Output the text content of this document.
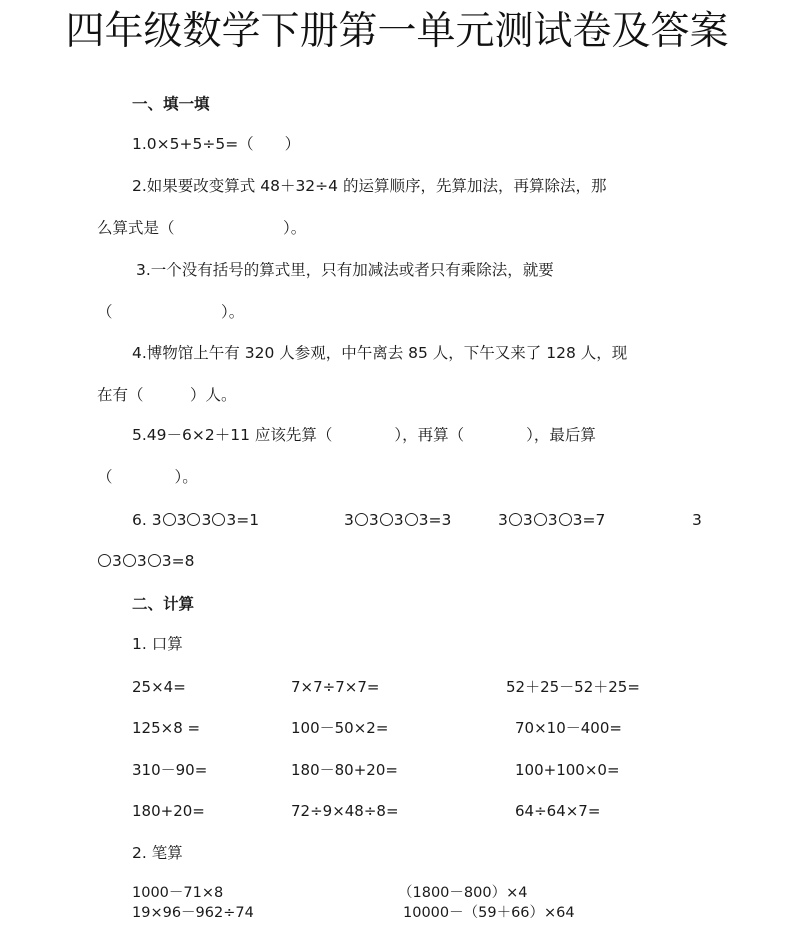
四年级数学下册第一单元测试卷及答案
一、填一填
1.0×5+5÷5=（　　）
2.如果要改变算式 48＋32÷4 的运算顺序，先算加法，再算除法，那
么算式是（　　　　　　　）。
3.一个没有括号的算式里，只有加减法或者只有乘除法，就要
（　　　　　　　）。
4.博物馆上午有 320 人参观，中午离去 85 人，下午又来了 128 人，现
在有（　　　）人。
5.49－6×2＋11 应该先算（　　　　），再算（　　　　），最后算
（　　　　）。
6. 3 3 3 3=1	3 3 3 3=3	3 3 3 3=7	3
3 3 3=8
二、计算
1. 口算
25×4=	7×7÷7×7=	52＋25－52＋25=
125×8 =	100－50×2=	70×10－400=
310－90=	180－80+20=	100+100×0=
180+20=	72÷9×48÷8=	64÷64×7=
2. 笔算
1000－71×8	（1800－800）×4
19×96－962÷74	10000－（59＋66）×64
